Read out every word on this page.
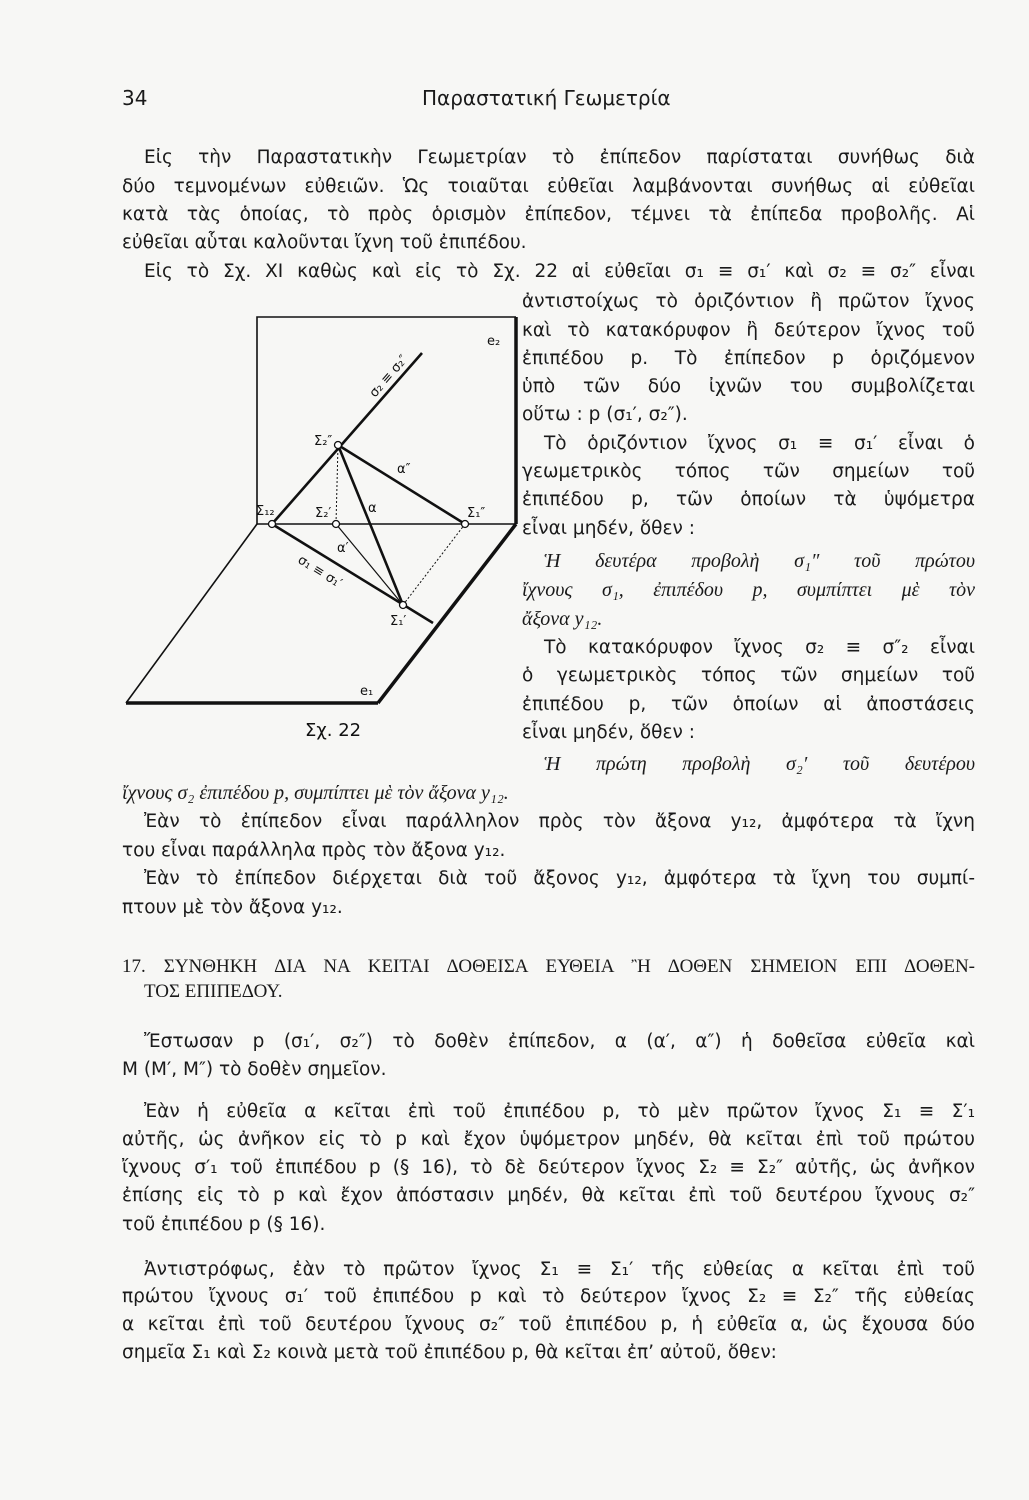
34	Παραστατική Γεωμετρία
Εἰς τὴν Παραστατικὴν Γεωμετρίαν τὸ ἐπίπεδον παρίσταται συνήθως διὰ
δύο τεμνομένων εὐθειῶν. Ὡς τοιαῦται εὐθεῖαι λαμβάνονται συνήθως αἱ εὐθεῖαι
κατὰ τὰς ὁποίας, τὸ πρὸς ὁρισμὸν ἐπίπεδον, τέμνει τὰ ἐπίπεδα προβολῆς. Αἱ
εὐθεῖαι αὗται καλοῦνται ἴχνη τοῦ ἐπιπέδου.
Εἰς τὸ Σχ. XI καθὼς καὶ εἰς τὸ Σχ. 22 αἱ εὐθεῖαι σ₁ ≡ σ₁′ καὶ σ₂ ≡ σ₂″ εἶναι
ἀντιστοίχως τὸ ὁριζόντιον ἢ πρῶτον ἴχνος
καὶ τὸ κατακόρυφον ἢ δεύτερον ἴχνος τοῦ
ἐπιπέδου p. Τὸ ἐπίπεδον p ὁριζόμενον
ὑπὸ τῶν δύο ἰχνῶν του συμβολίζεται
οὕτω : p (σ₁′, σ₂″).
Τὸ ὁριζόντιον ἴχνος σ₁ ≡ σ₁′ εἶναι ὁ
γεωμετρικὸς τόπος τῶν σημείων τοῦ
ἐπιπέδου p, τῶν ὁποίων τὰ ὑψόμετρα
εἶναι μηδέν, ὅθεν :
Ἡ δευτέρα προβολὴ σ₁″ τοῦ πρώτου
ἴχνους σ₁, ἐπιπέδου p, συμπίπτει μὲ τὸν
ἄξονα y₁₂.
Τὸ κατακόρυφον ἴχνος σ₂ ≡ σ″₂ εἶναι
ὁ γεωμετρικὸς τόπος τῶν σημείων τοῦ
ἐπιπέδου p, τῶν ὁποίων αἱ ἀποστάσεις
εἶναι μηδέν, ὅθεν :
Ἡ πρώτη προβολὴ σ₂′ τοῦ δευτέρου
ἴχνους σ₂ ἐπιπέδου p, συμπίπτει μὲ τὸν ἄξονα y₁₂.
Ἐὰν τὸ ἐπίπεδον εἶναι παράλληλον πρὸς τὸν ἄξονα y₁₂, ἀμφότερα τὰ ἴχνη
του εἶναι παράλληλα πρὸς τὸν ἄξονα y₁₂.
Ἐὰν τὸ ἐπίπεδον διέρχεται διὰ τοῦ ἄξονος y₁₂, ἀμφότερα τὰ ἴχνη του συμπί-
πτουν μὲ τὸν ἄξονα y₁₂.
17. ΣΥΝΘΗΚΗ ΔΙΑ ΝΑ ΚΕΙΤΑΙ ΔΟΘΕΙΣΑ ΕΥΘΕΙΑ Ἢ ΔΟΘΕΝ ΣΗΜΕΙΟΝ ΕΠΙ ΔΟΘΕΝ-
ΤΟΣ ΕΠΙΠΕΔΟΥ.
Ἔστωσαν p (σ₁′, σ₂″) τὸ δοθὲν ἐπίπεδον, α (α′, α″) ἡ δοθεῖσα εὐθεῖα καὶ
M (M′, M″) τὸ δοθὲν σημεῖον.
Ἐὰν ἡ εὐθεῖα α κεῖται ἐπὶ τοῦ ἐπιπέδου p, τὸ μὲν πρῶτον ἴχνος Σ₁ ≡ Σ′₁
αὐτῆς, ὡς ἀνῆκον εἰς τὸ p καὶ ἔχον ὑψόμετρον μηδέν, θὰ κεῖται ἐπὶ τοῦ πρώτου
ἴχνους σ′₁ τοῦ ἐπιπέδου p (§ 16), τὸ δὲ δεύτερον ἴχνος Σ₂ ≡ Σ₂″ αὐτῆς, ὡς ἀνῆκον
ἐπίσης εἰς τὸ p καὶ ἔχον ἀπόστασιν μηδέν, θὰ κεῖται ἐπὶ τοῦ δευτέρου ἴχνους σ₂″
τοῦ ἐπιπέδου p (§ 16).
Ἀντιστρόφως, ἐὰν τὸ πρῶτον ἴχνος Σ₁ ≡ Σ₁′ τῆς εὐθείας α κεῖται ἐπὶ τοῦ
πρώτου ἴχνους σ₁′ τοῦ ἐπιπέδου p καὶ τὸ δεύτερον ἴχνος Σ₂ ≡ Σ₂″ τῆς εὐθείας
α κεῖται ἐπὶ τοῦ δευτέρου ἴχνους σ₂″ τοῦ ἐπιπέδου p, ἡ εὐθεῖα α, ὡς ἔχουσα δύο
σημεῖα Σ₁ καὶ Σ₂ κοινὰ μετὰ τοῦ ἐπιπέδου p, θὰ κεῖται ἐπ’ αὐτοῦ, ὅθεν:
e₂
e₁
σ₂ ≡ σ₂″
σ₁ ≡ σ₁′
Σ₂″
Σ₂′
Σ₁₂	Σ₁″
Σ₁′
α
α′
α″
Σχ. 22
